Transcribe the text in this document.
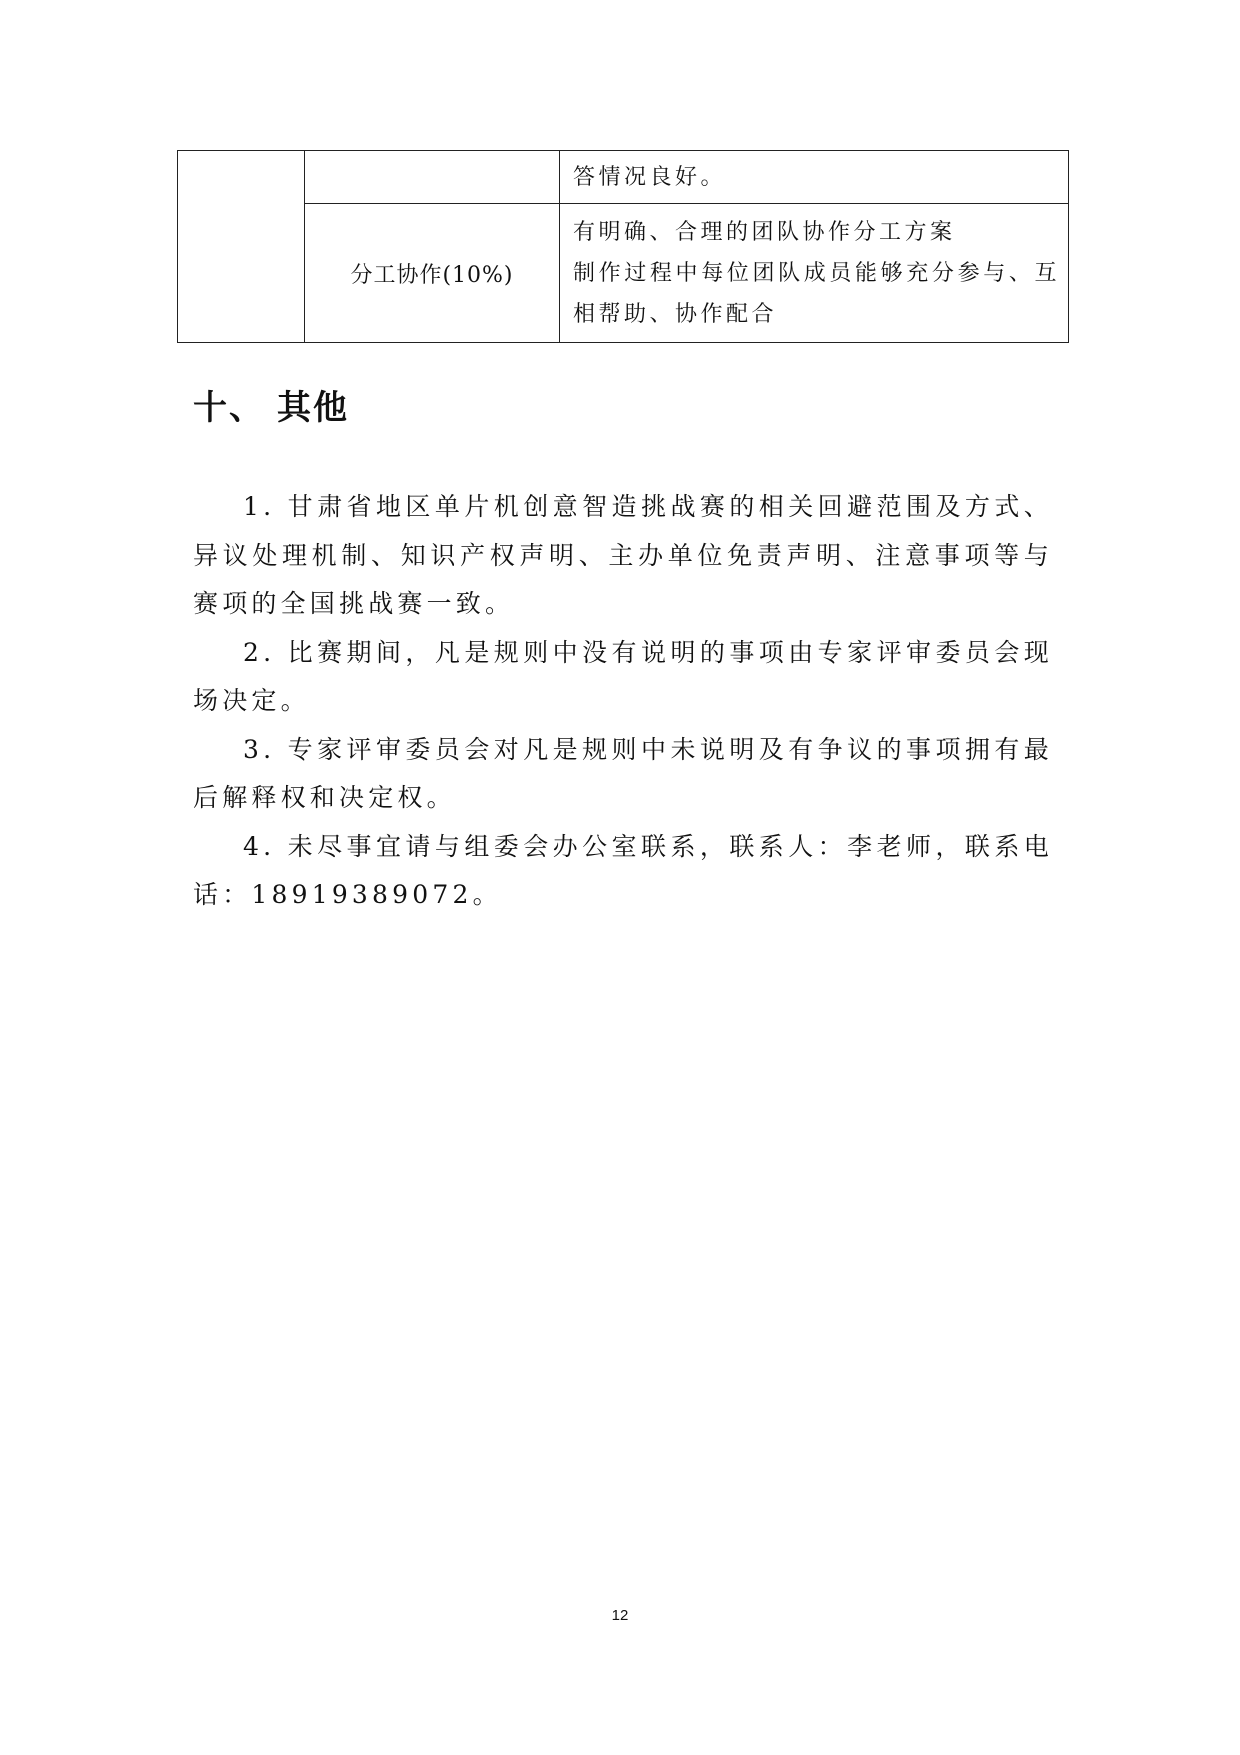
		答情况良好。

	分工协作(10%)	有明确、合理的团队协作分工方案
制作过程中每位团队成员能够充分参与、互相帮助、协作配合
十、 其他

1. 甘肃省地区单片机创意智造挑战赛的相关回避范围及方式、异议处理机制、知识产权声明、主办单位免责声明、注意事项等与赛项的全国挑战赛一致。

2. 比赛期间，凡是规则中没有说明的事项由专家评审委员会现场决定。

3. 专家评审委员会对凡是规则中未说明及有争议的事项拥有最后解释权和决定权。

4. 未尽事宜请与组委会办公室联系，联系人：李老师，联系电话：18919389072。

12
